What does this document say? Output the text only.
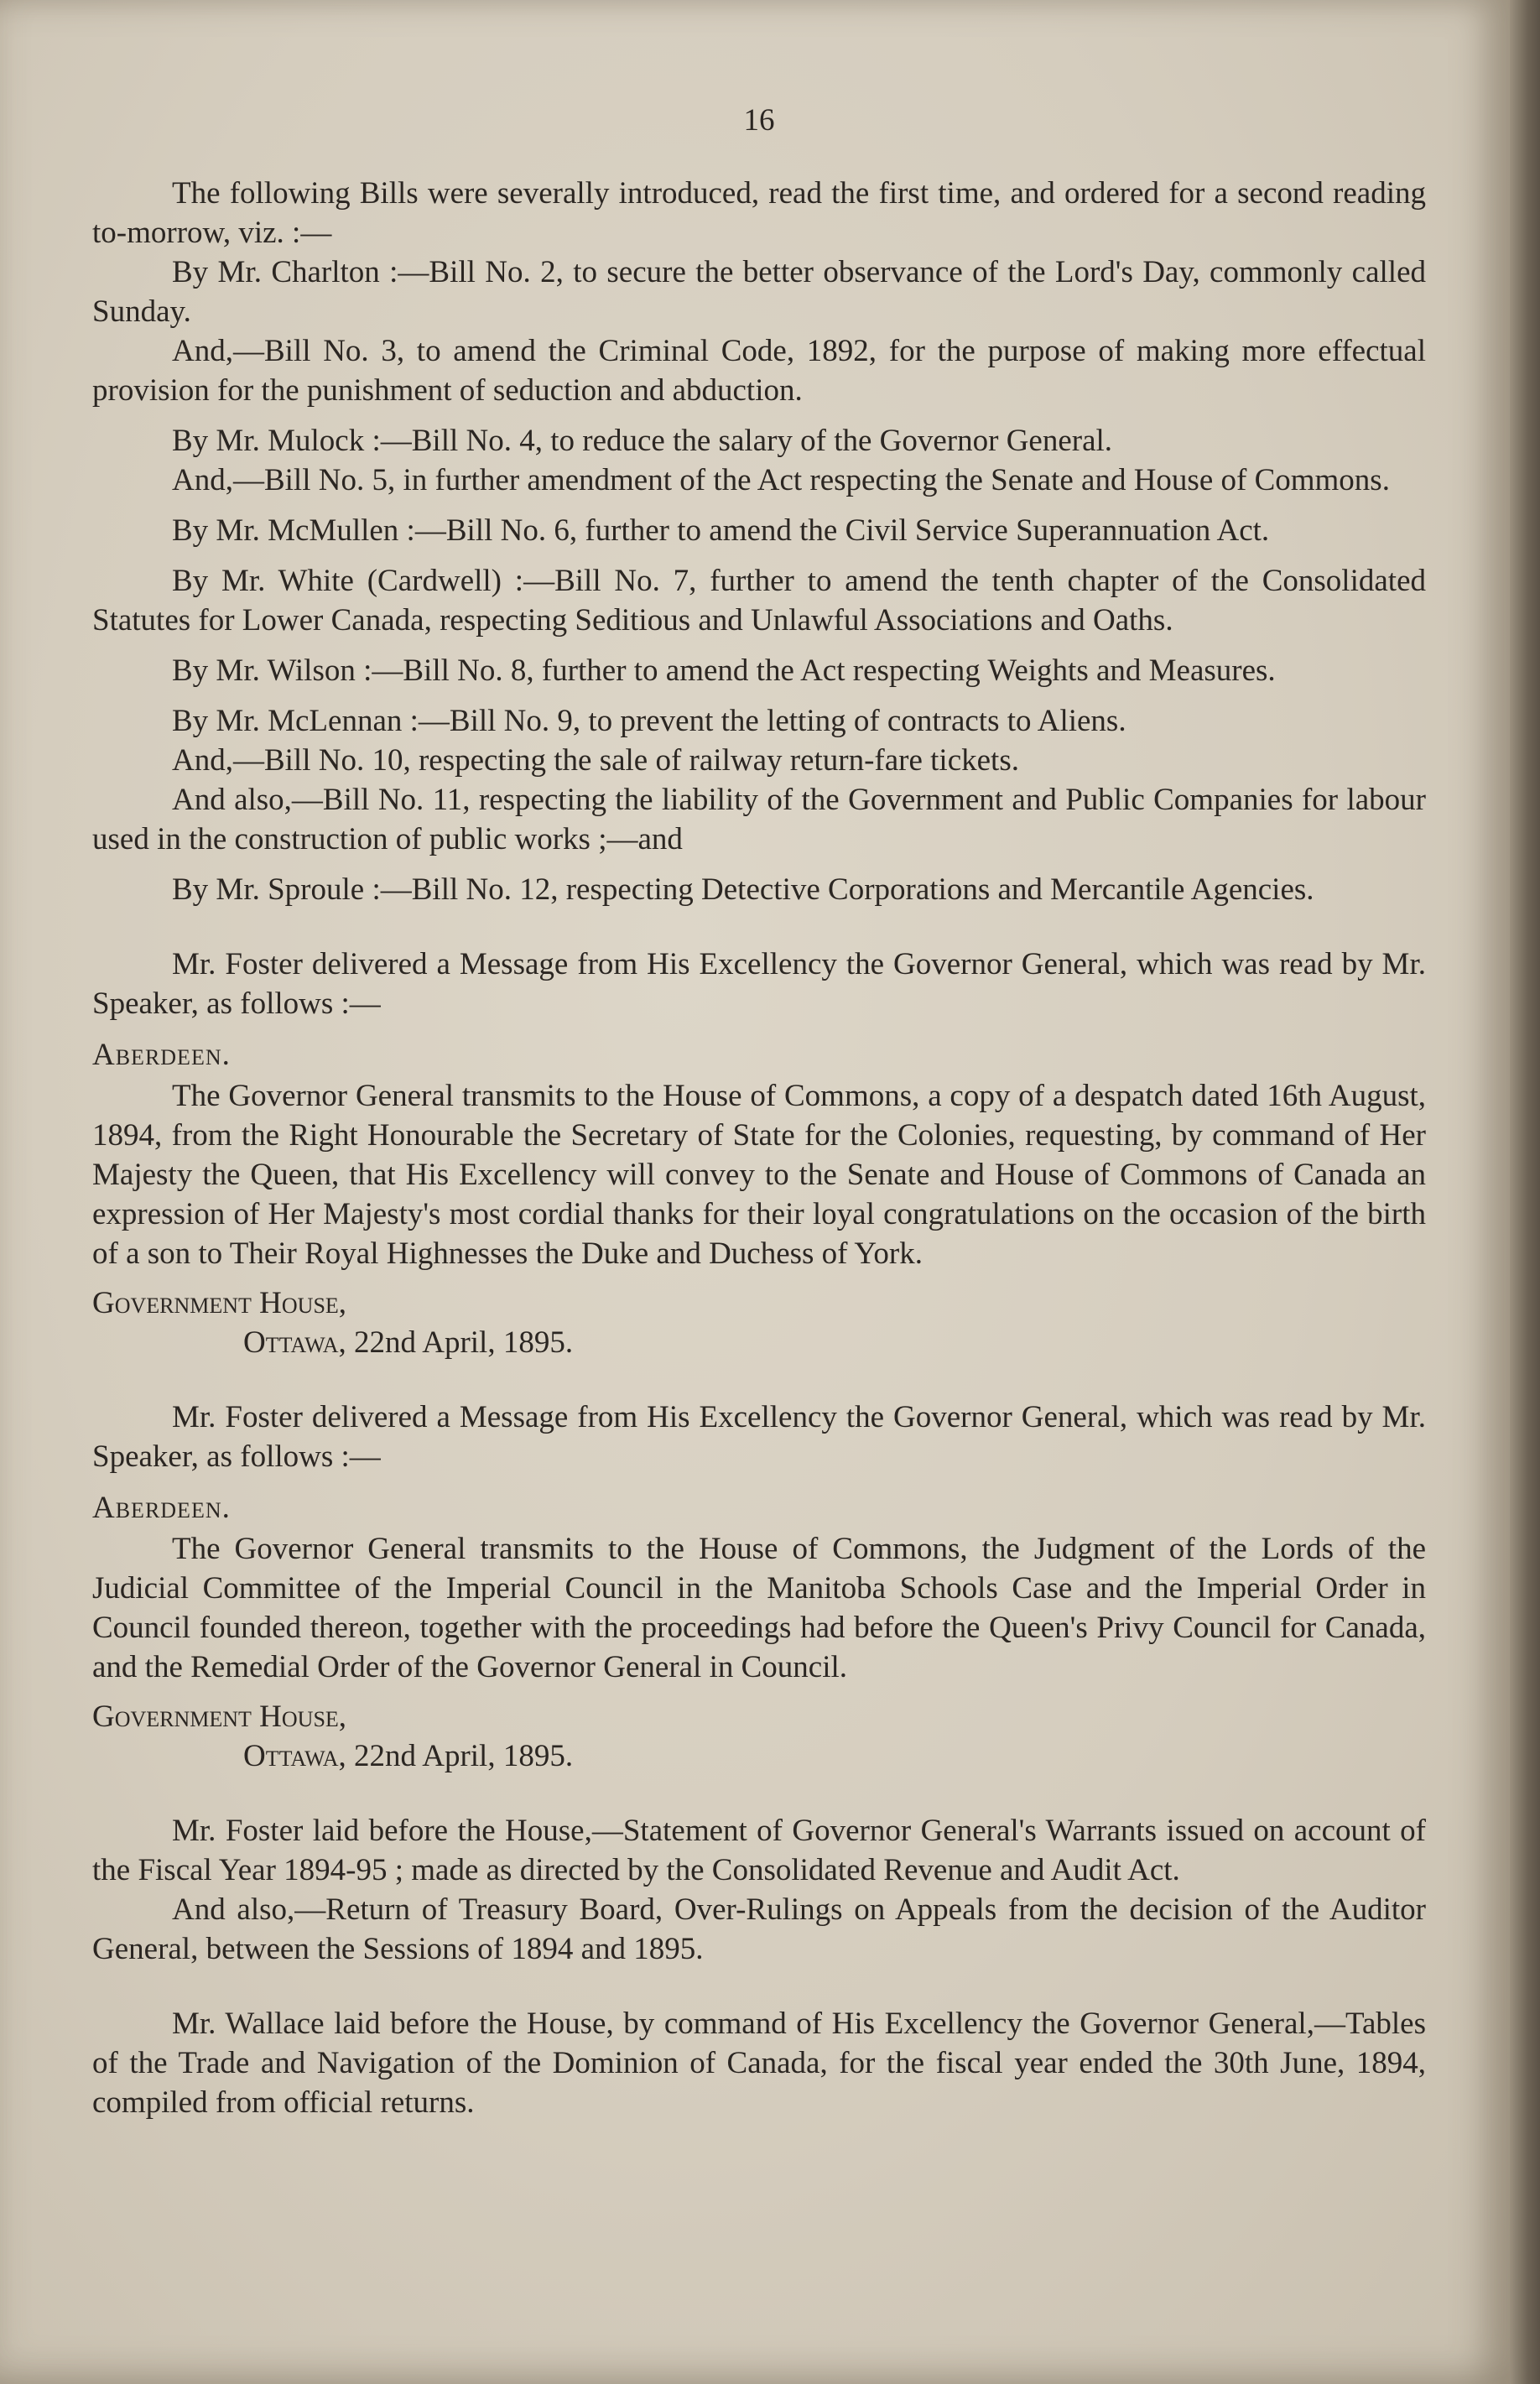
16

The following Bills were severally introduced, read the first time, and ordered for a second reading to-morrow, viz. :—

By Mr. Charlton :—Bill No. 2, to secure the better observance of the Lord's Day, commonly called Sunday.

And,—Bill No. 3, to amend the Criminal Code, 1892, for the purpose of making more effectual provision for the punishment of seduction and abduction.

By Mr. Mulock :—Bill No. 4, to reduce the salary of the Governor General.

And,—Bill No. 5, in further amendment of the Act respecting the Senate and House of Commons.

By Mr. McMullen :—Bill No. 6, further to amend the Civil Service Superannuation Act.

By Mr. White (Cardwell) :—Bill No. 7, further to amend the tenth chapter of the Consolidated Statutes for Lower Canada, respecting Seditious and Unlawful Associations and Oaths.

By Mr. Wilson :—Bill No. 8, further to amend the Act respecting Weights and Measures.

By Mr. McLennan :—Bill No. 9, to prevent the letting of contracts to Aliens.

And,—Bill No. 10, respecting the sale of railway return-fare tickets.

And also,—Bill No. 11, respecting the liability of the Government and Public Companies for labour used in the construction of public works ;—and

By Mr. Sproule :—Bill No. 12, respecting Detective Corporations and Mercantile Agencies.

Mr. Foster delivered a Message from His Excellency the Governor General, which was read by Mr. Speaker, as follows :—

Aberdeen.

The Governor General transmits to the House of Commons, a copy of a despatch dated 16th August, 1894, from the Right Honourable the Secretary of State for the Colonies, requesting, by command of Her Majesty the Queen, that His Excellency will convey to the Senate and House of Commons of Canada an expression of Her Majesty's most cordial thanks for their loyal congratulations on the occasion of the birth of a son to Their Royal Highnesses the Duke and Duchess of York.

Government House,
Ottawa, 22nd April, 1895.

Mr. Foster delivered a Message from His Excellency the Governor General, which was read by Mr. Speaker, as follows :—

Aberdeen.

The Governor General transmits to the House of Commons, the Judgment of the Lords of the Judicial Committee of the Imperial Council in the Manitoba Schools Case and the Imperial Order in Council founded thereon, together with the proceedings had before the Queen's Privy Council for Canada, and the Remedial Order of the Governor General in Council.

Government House,
Ottawa, 22nd April, 1895.

Mr. Foster laid before the House,—Statement of Governor General's Warrants issued on account of the Fiscal Year 1894-95 ; made as directed by the Consolidated Revenue and Audit Act.

And also,—Return of Treasury Board, Over-Rulings on Appeals from the decision of the Auditor General, between the Sessions of 1894 and 1895.

Mr. Wallace laid before the House, by command of His Excellency the Governor General,—Tables of the Trade and Navigation of the Dominion of Canada, for the fiscal year ended the 30th June, 1894, compiled from official returns.
